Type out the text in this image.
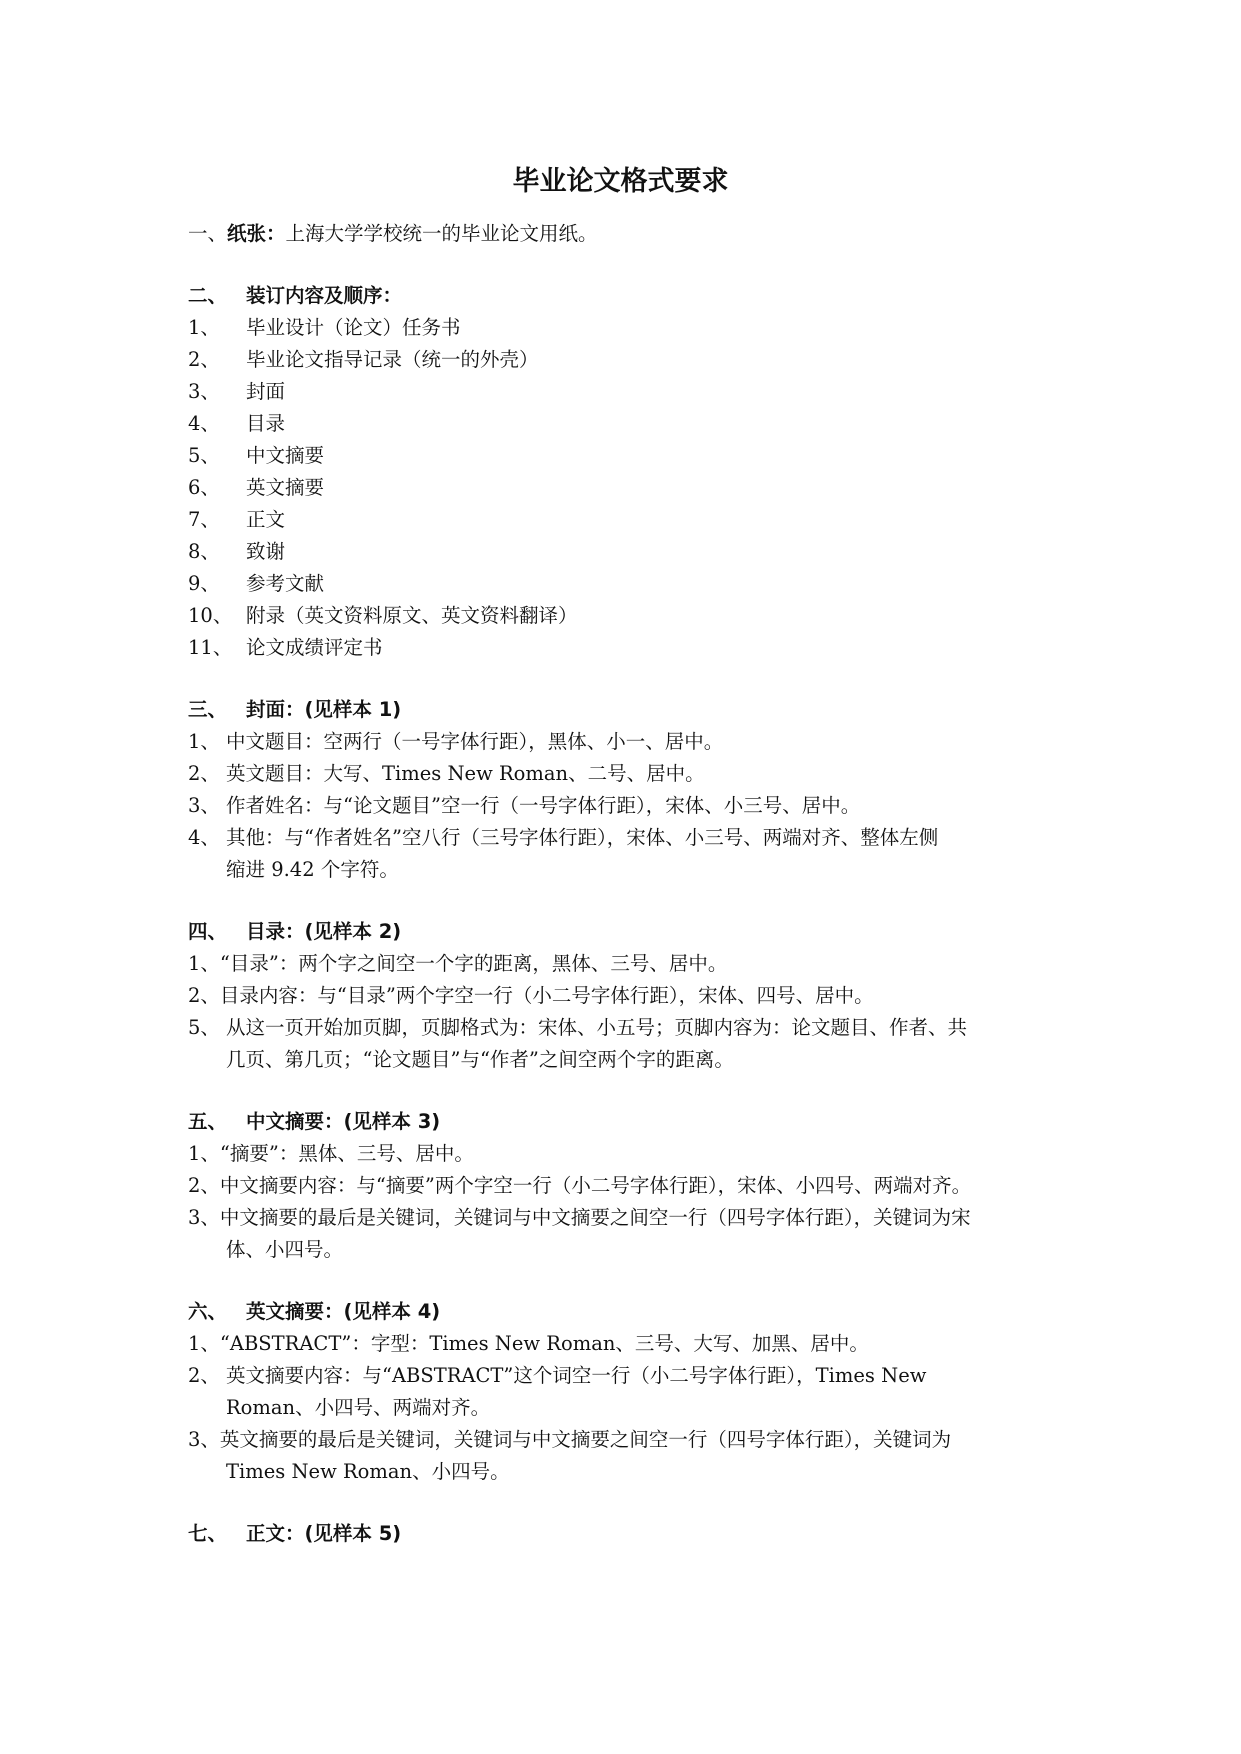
毕业论文格式要求
一、纸张：上海大学学校统一的毕业论文用纸。
二、 装订内容及顺序：
1、 毕业设计（论文）任务书
2、 毕业论文指导记录（统一的外壳）
3、 封面
4、 目录
5、 中文摘要
6、 英文摘要
7、 正文
8、 致谢
9、 参考文献
10、 附录（英文资料原文、英文资料翻译）
11、 论文成绩评定书
三、 封面：(见样本 1)
1、 中文题目：空两行（一号字体行距），黑体、小一、居中。
2、 英文题目：大写、Times New Roman、二号、居中。
3、 作者姓名：与“论文题目”空一行（一号字体行距），宋体、小三号、居中。
4、 其他：与“作者姓名”空八行（三号字体行距），宋体、小三号、两端对齐、整体左侧
缩进 9.42 个字符。
四、 目录：(见样本 2)
1、“目录”：两个字之间空一个字的距离，黑体、三号、居中。
2、目录内容：与“目录”两个字空一行（小二号字体行距），宋体、四号、居中。
5、 从这一页开始加页脚，页脚格式为：宋体、小五号；页脚内容为：论文题目、作者、共
几页、第几页；“论文题目”与“作者”之间空两个字的距离。
五、 中文摘要：(见样本 3)
1、“摘要”：黑体、三号、居中。
2、中文摘要内容：与“摘要”两个字空一行（小二号字体行距），宋体、小四号、两端对齐。
3、中文摘要的最后是关键词，关键词与中文摘要之间空一行（四号字体行距），关键词为宋
体、小四号。
六、 英文摘要：(见样本 4)
1、“ABSTRACT”：字型：Times New Roman、三号、大写、加黑、居中。
2、 英文摘要内容：与“ABSTRACT”这个词空一行（小二号字体行距），Times New
Roman、小四号、两端对齐。
3、英文摘要的最后是关键词，关键词与中文摘要之间空一行（四号字体行距），关键词为
Times New Roman、小四号。
七、 正文：(见样本 5)
